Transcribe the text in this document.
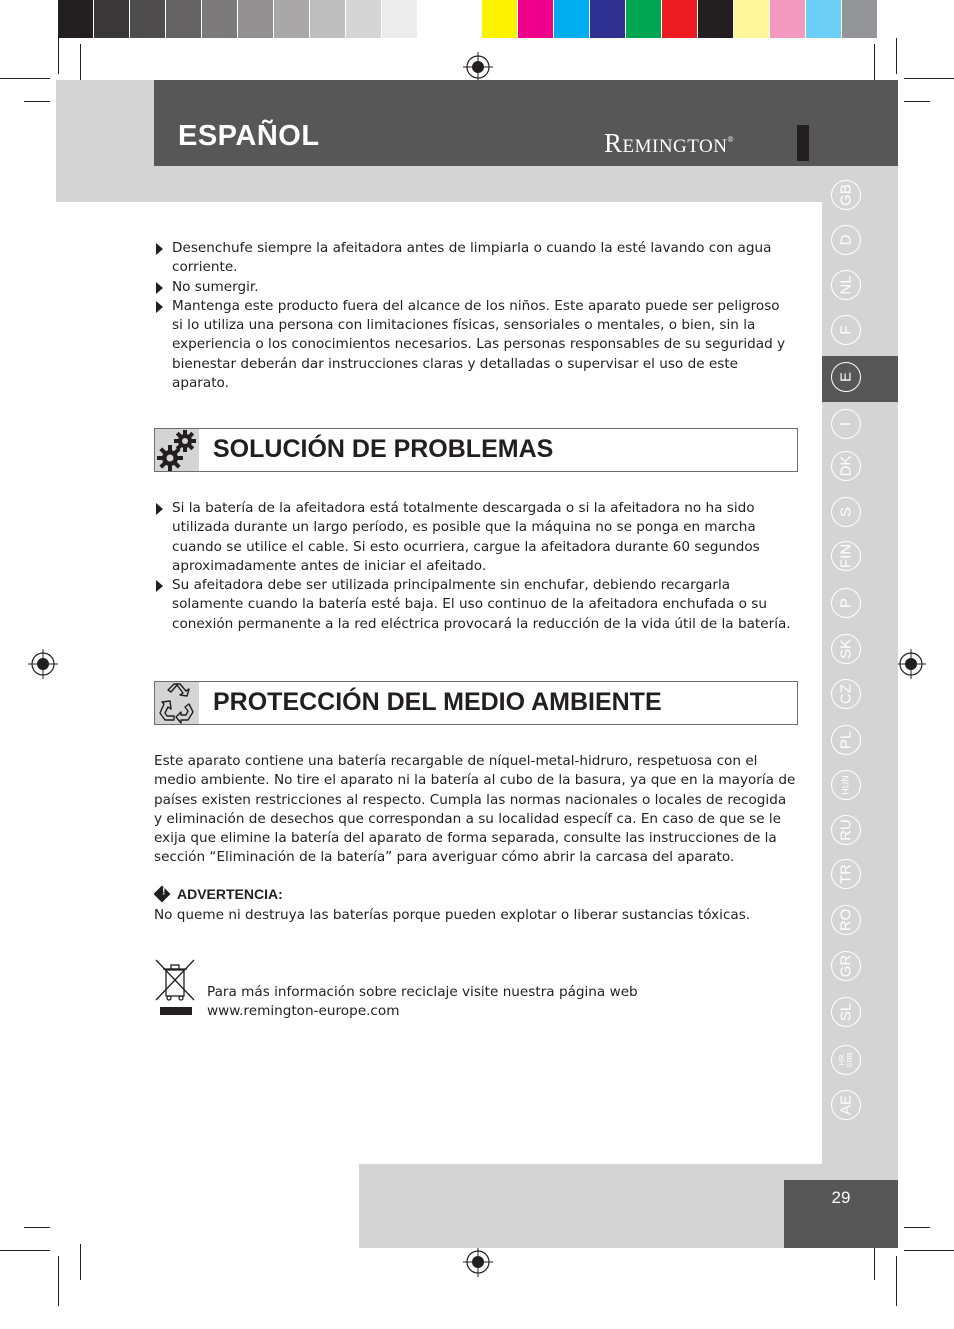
ESPAÑOL	Remington®
GB
D
NL
F
E
I
DK
S
FIN
P
SK
CZ
PL
HUN
RU
TR
RO
GR
SL
HR
SRB
AE
Desenchufe siempre la afeitadora antes de limpiarla o cuando la esté lavando con agua corriente.
No sumergir.
Mantenga este producto fuera del alcance de los niños. Este aparato puede ser peligroso si lo utiliza una persona con limitaciones físicas, sensoriales o mentales, o bien, sin la experiencia o los conocimientos necesarios. Las personas responsables de su seguridad y bienestar deberán dar instrucciones claras y detalladas o supervisar el uso de este aparato.
SOLUCIÓN DE PROBLEMAS
Si la batería de la afeitadora está totalmente descargada o si la afeitadora no ha sido utilizada durante un largo período, es posible que la máquina no se ponga en marcha cuando se utilice el cable. Si esto ocurriera, cargue la afeitadora durante 60 segundos aproximadamente antes de iniciar el afeitado.
Su afeitadora debe ser utilizada principalmente sin enchufar, debiendo recargarla solamente cuando la batería esté baja. El uso continuo de la afeitadora enchufada o su conexión permanente a la red eléctrica provocará la reducción de la vida útil de la batería.
PROTECCIÓN DEL MEDIO AMBIENTE

Este aparato contiene una batería recargable de níquel-metal-hidruro, respetuosa con el medio ambiente. No tire el aparato ni la batería al cubo de la basura, ya que en la mayoría de países existen restricciones al respecto. Cumpla las normas nacionales o locales de recogida y eliminación de desechos que correspondan a su localidad específ ca. En caso de que se le exija que elimine la batería del aparato de forma separada, consulte las instrucciones de la sección “Eliminación de la batería” para averiguar cómo abrir la carcasa del aparato.

! ADVERTENCIA:

No queme ni destruya las baterías porque pueden explotar o liberar sustancias tóxicas.

Para más información sobre reciclaje visite nuestra página web
www.remington-europe.com
29
